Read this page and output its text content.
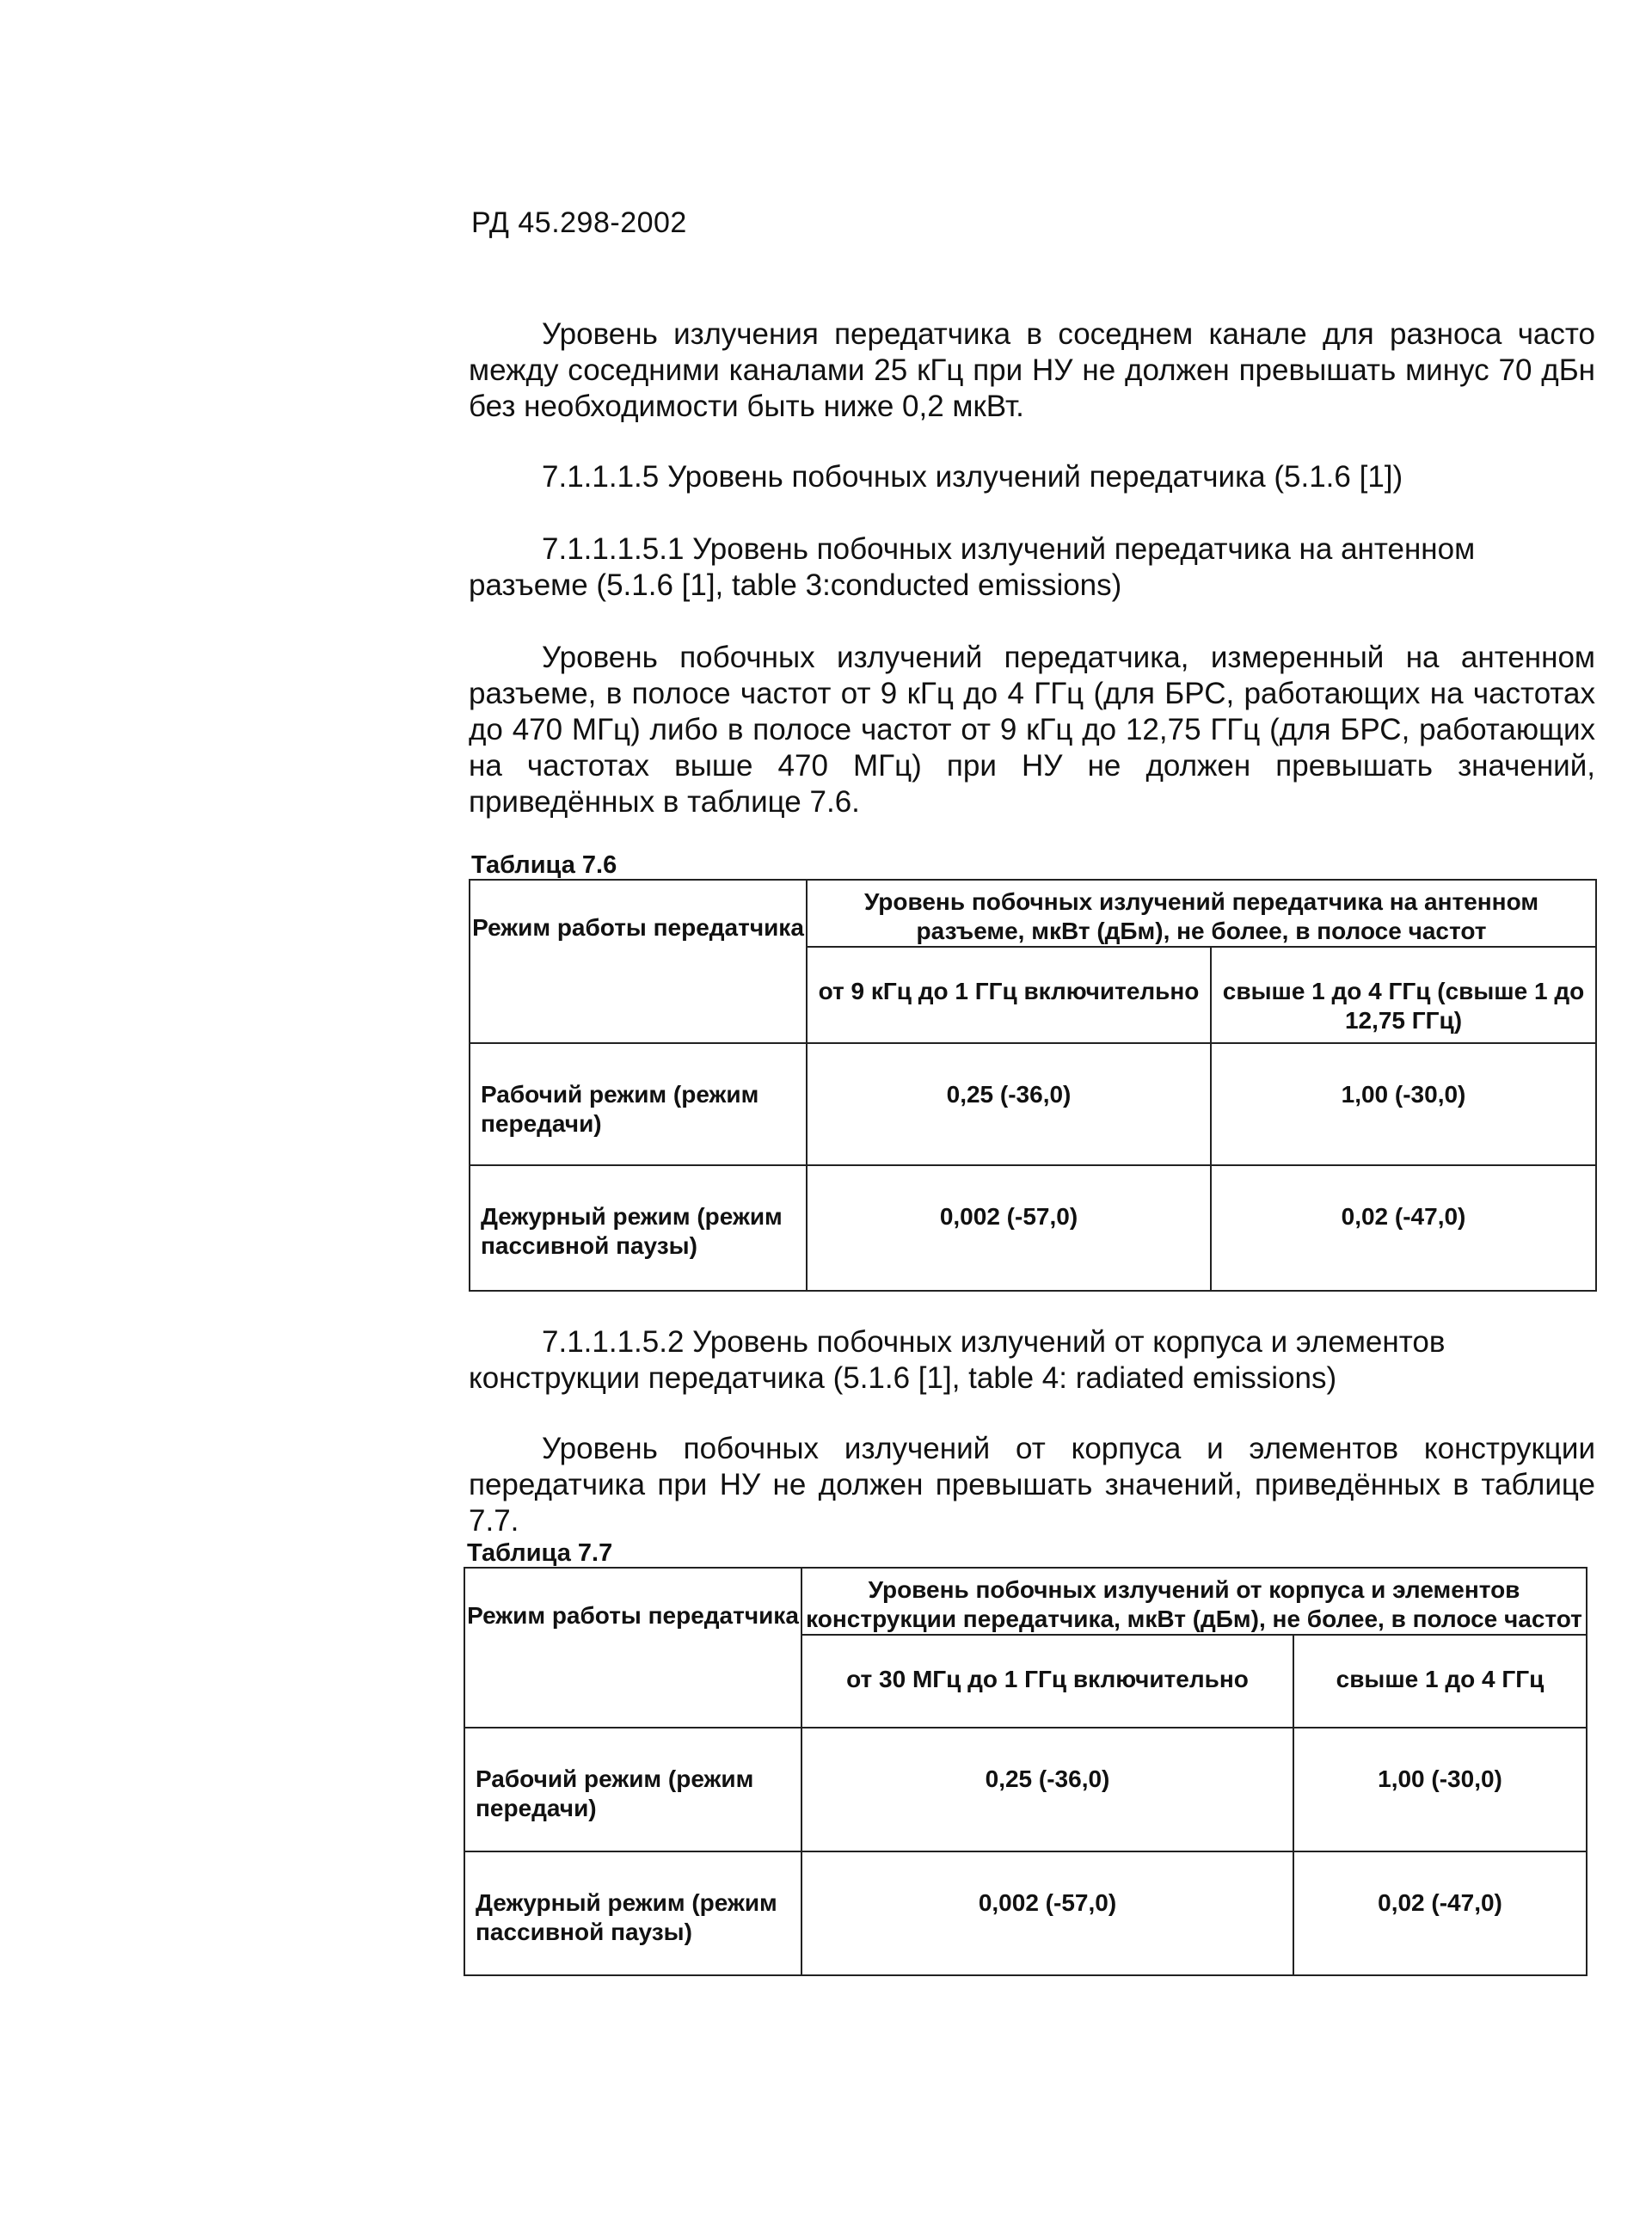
РД 45.298-2002
Уровень излучения передатчика в соседнем канале для разноса часто между соседними каналами 25 кГц при НУ не должен превышать минус 70 дБн без необходимости быть ниже 0,2 мкВт.
7.1.1.1.5 Уровень побочных излучений передатчика (5.1.6 [1])
7.1.1.1.5.1 Уровень побочных излучений передатчика на антенном разъеме (5.1.6 [1], table 3:conducted emissions)
Уровень побочных излучений передатчика, измеренный на антенном разъеме, в полосе частот от 9 кГц до 4 ГГц (для БРС, работающих на частотах до 470 МГц) либо в полосе частот от 9 кГц до 12,75 ГГц (для БРС, работающих на частотах выше 470 МГц) при НУ не должен превышать значений, приведённых в таблице 7.6.
Таблица 7.6
Режим работы передатчика	Уровень побочных излучений передатчика на антенном разъеме, мкВт (дБм), не более, в полосе частот	
	от 9 кГц до 1 ГГц включительно	свыше 1 до 4 ГГц (свыше 1 до 12,75 ГГц)
Рабочий режим (режим передачи)	0,25 (-36,0)	1,00 (-30,0)
Дежурный режим (режим пассивной паузы)	0,002 (-57,0)	0,02 (-47,0)
7.1.1.1.5.2 Уровень побочных излучений от корпуса и элементов конструкции передатчика (5.1.6 [1], table 4: radiated emissions)
Уровень побочных излучений от корпуса и элементов конструкции передатчика при НУ не должен превышать значений, приведённых в таблице 7.7.
Таблица 7.7
Режим работы передатчика	Уровень побочных излучений от корпуса и элементов конструкции передатчика, мкВт (дБм), не более, в полосе частот	
	от 30 МГц до 1 ГГц включительно	свыше 1 до 4 ГГц
Рабочий режим (режим передачи)	0,25 (-36,0)	1,00 (-30,0)
Дежурный режим (режим пассивной паузы)	0,002 (-57,0)	0,02 (-47,0)
